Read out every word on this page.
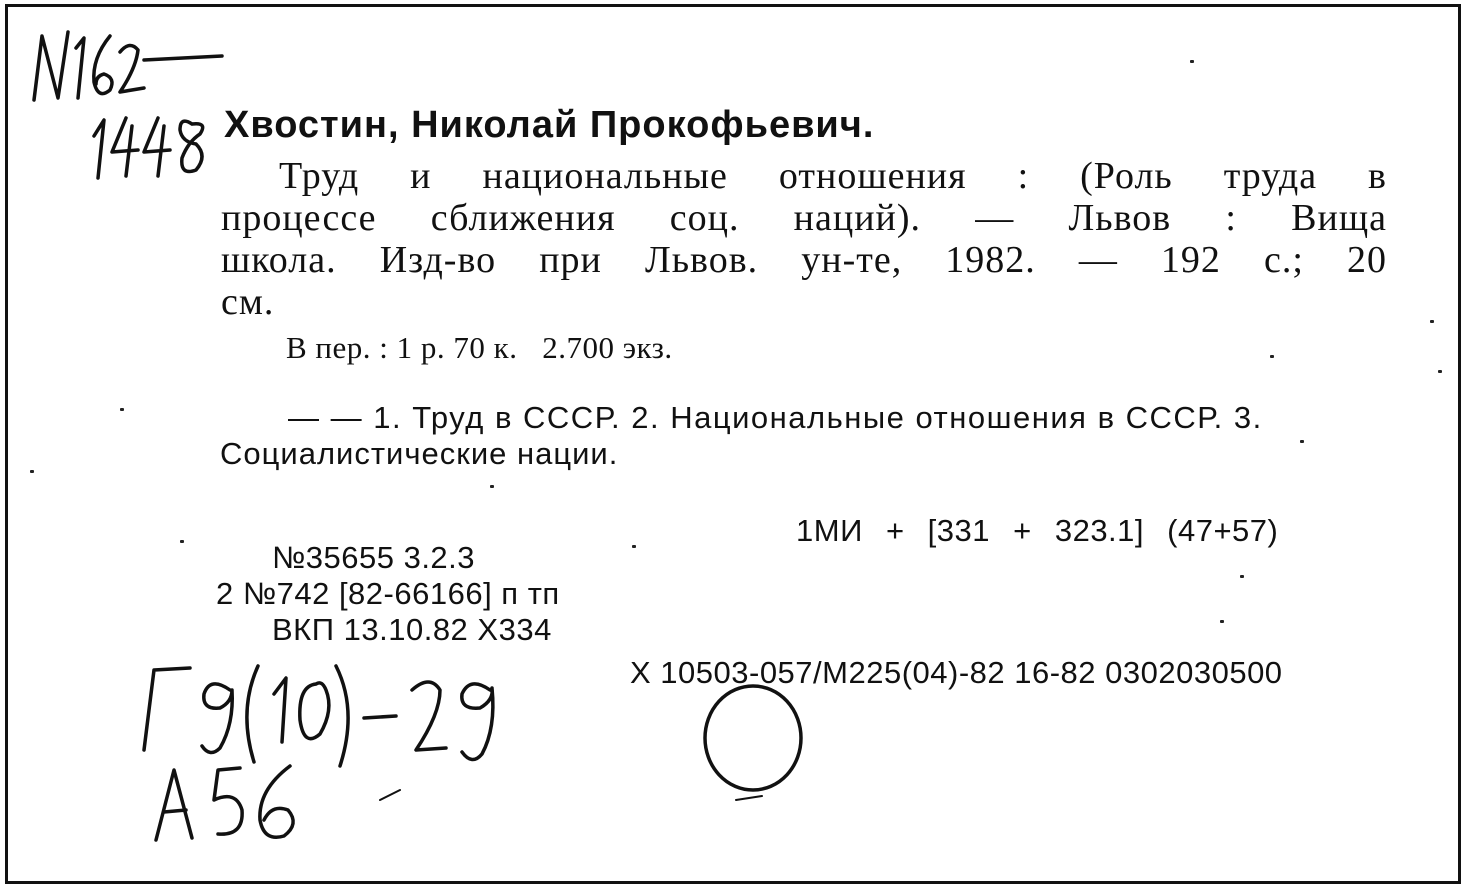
Хвостин, Николай Прокофьевич.
Труд и национальные отношения : (Роль труда в
процессе сближения соц. наций). — Львов : Вища
школа. Изд-во при Львов. ун-те, 1982. — 192 с.; 20
см.
В пер. : 1 р. 70 к.   2.700 экз.
— — 1. Труд в СССР. 2. Национальные отношения в СССР. 3.
Социалистические нации.
1МИ + [331 + 323.1] (47+57)
№35655 3.2.3
2 №742 [82-66166] п тп
ВКП 13.10.82 Х334
Х 10503-057/М225(04)-82 16-82 0302030500
